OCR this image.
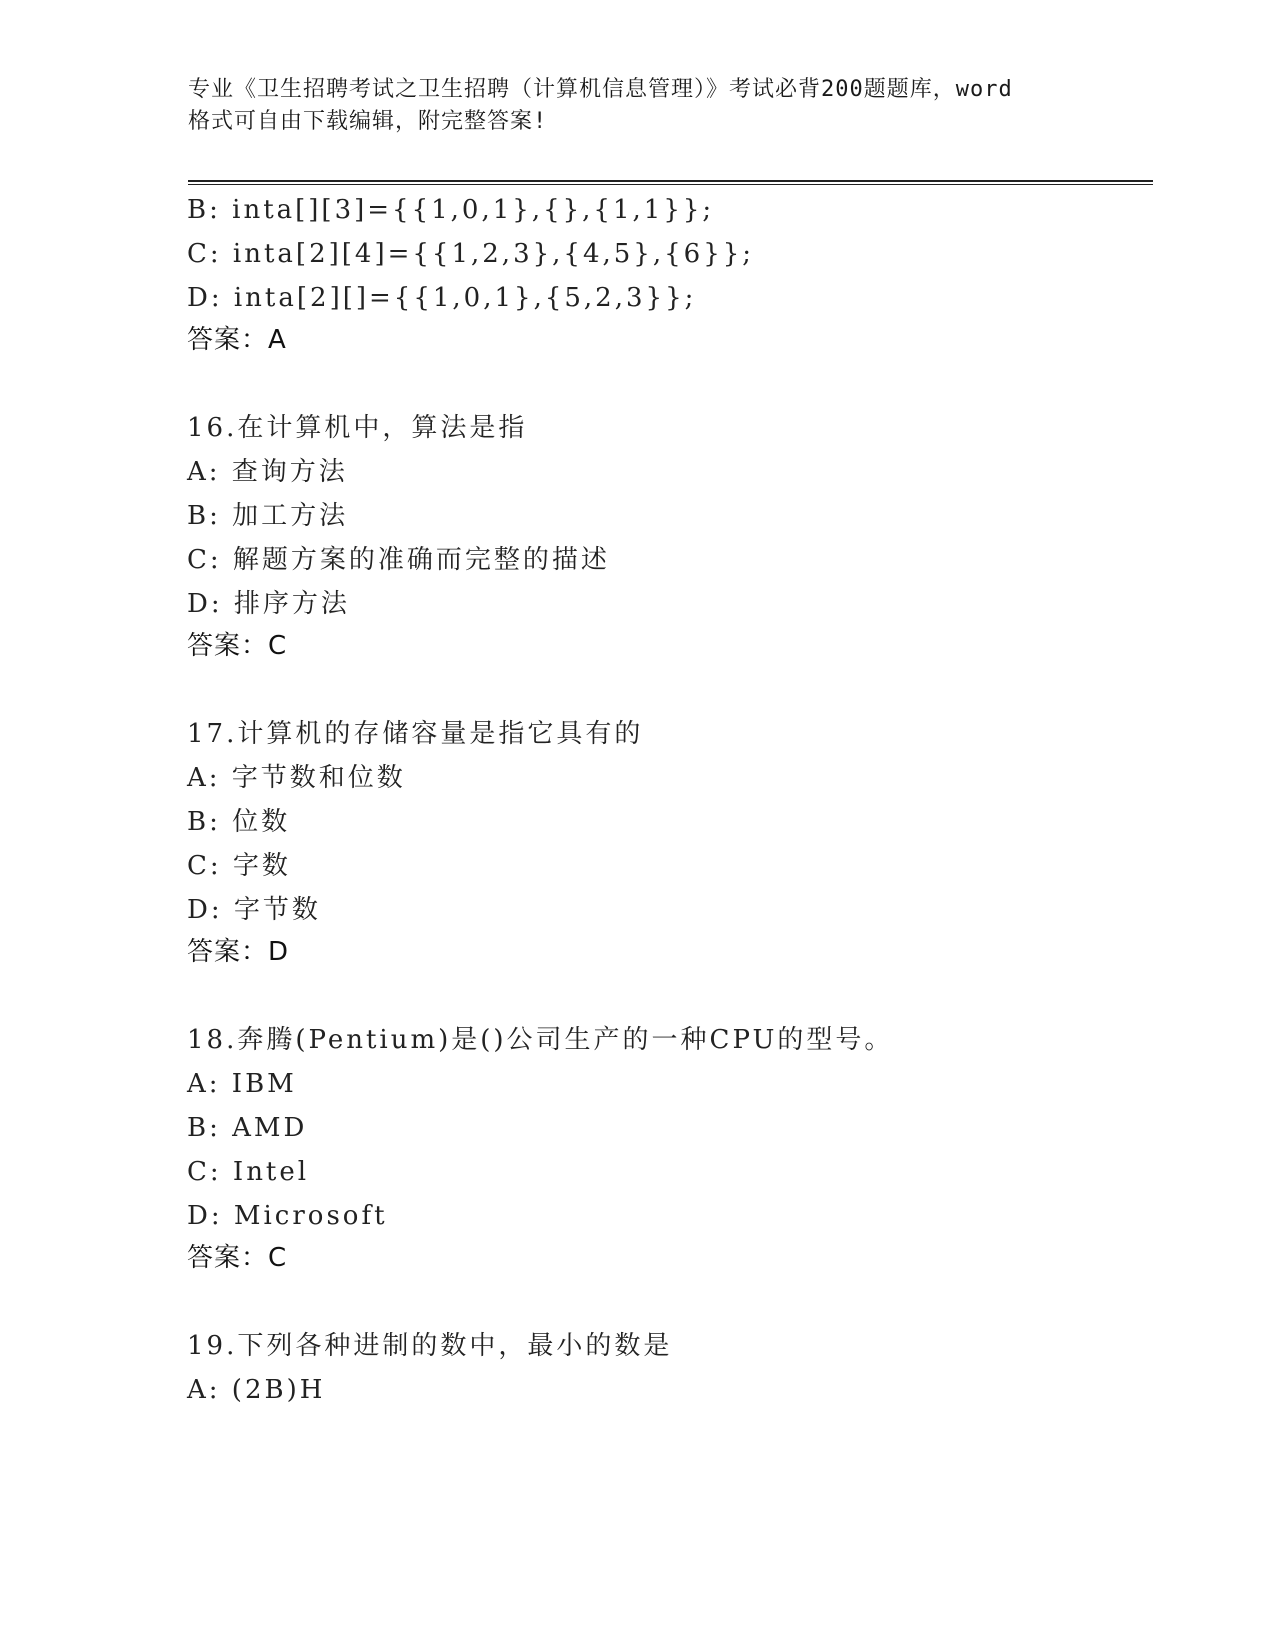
专业《卫生招聘考试之卫生招聘（计算机信息管理）》考试必背200题题库，word
格式可自由下载编辑，附完整答案!
B: inta[][3]={{1,0,1},{},{1,1}};
C: inta[2][4]={{1,2,3},{4,5},{6}};
D: inta[2][]={{1,0,1},{5,2,3}};
答案：A
16.在计算机中，算法是指
A: 查询方法
B: 加工方法
C: 解题方案的准确而完整的描述
D: 排序方法
答案：C
17.计算机的存储容量是指它具有的
A: 字节数和位数
B: 位数
C: 字数
D: 字节数
答案：D
18.奔腾(Pentium)是()公司生产的一种CPU的型号。
A: IBM
B: AMD
C: Intel
D: Microsoft
答案：C
19.下列各种进制的数中，最小的数是
A: (2B)H
